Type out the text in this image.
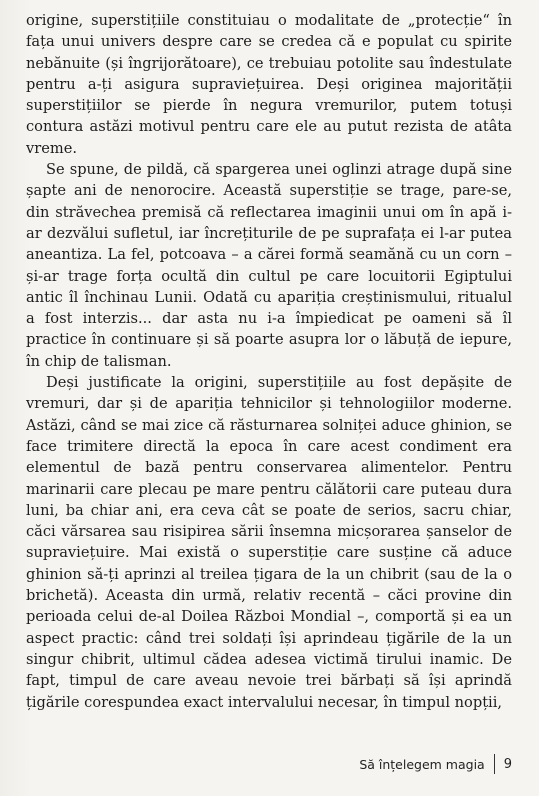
origine, superstițiile constituiau o modalitate de „protecție“ în fața unui univers despre care se credea că e populat cu spirite nebănuite (și îngrijorătoare), ce trebuiau potolite sau îndestulate pentru a-ți asigura supraviețuirea. Deși originea majorității superstițiilor se pierde în negura vremurilor, putem totuși contura astăzi motivul pentru care ele au putut rezista de atâta vreme.

Se spune, de pildă, că spargerea unei oglinzi atrage după sine șapte ani de nenorocire. Această superstiție se trage, pare-se, din străvechea premisă că reflectarea imaginii unui om în apă i-ar dezvălui sufletul, iar încrețiturile de pe suprafața ei l-ar putea aneantiza. La fel, potcoava – a cărei formă seamănă cu un corn – și-ar trage forța ocultă din cultul pe care locuitorii Egiptului antic îl închinau Lunii. Odată cu apariția creștinismului, ritualul a fost interzis... dar asta nu i-a împiedicat pe oameni să îl practice în continuare și să poarte asupra lor o lăbuță de iepure, în chip de talisman.

Deși justificate la origini, superstițiile au fost depășite de vremuri, dar și de apariția tehnicilor și tehnologiilor moderne. Astăzi, când se mai zice că răsturnarea solniței aduce ghinion, se face trimitere directă la epoca în care acest condiment era elementul de bază pentru conservarea alimentelor. Pentru marinarii care plecau pe mare pentru călătorii care puteau dura luni, ba chiar ani, era ceva cât se poate de serios, sacru chiar, căci vărsarea sau risipirea sării însemna micșorarea șanselor de supraviețuire. Mai există o superstiție care susține că aduce ghinion să-ți aprinzi al treilea țigara de la un chibrit (sau de la o brichetă). Aceasta din urmă, relativ recentă – căci provine din perioada celui de-al Doilea Război Mondial –, comportă și ea un aspect practic: când trei soldați își aprindeau țigările de la un singur chibrit, ultimul cădea adesea victimă tirului inamic. De fapt, timpul de care aveau nevoie trei bărbați să își aprindă țigările corespundea exact intervalului necesar, în timpul nopții,

Să înțelegem magia	9
